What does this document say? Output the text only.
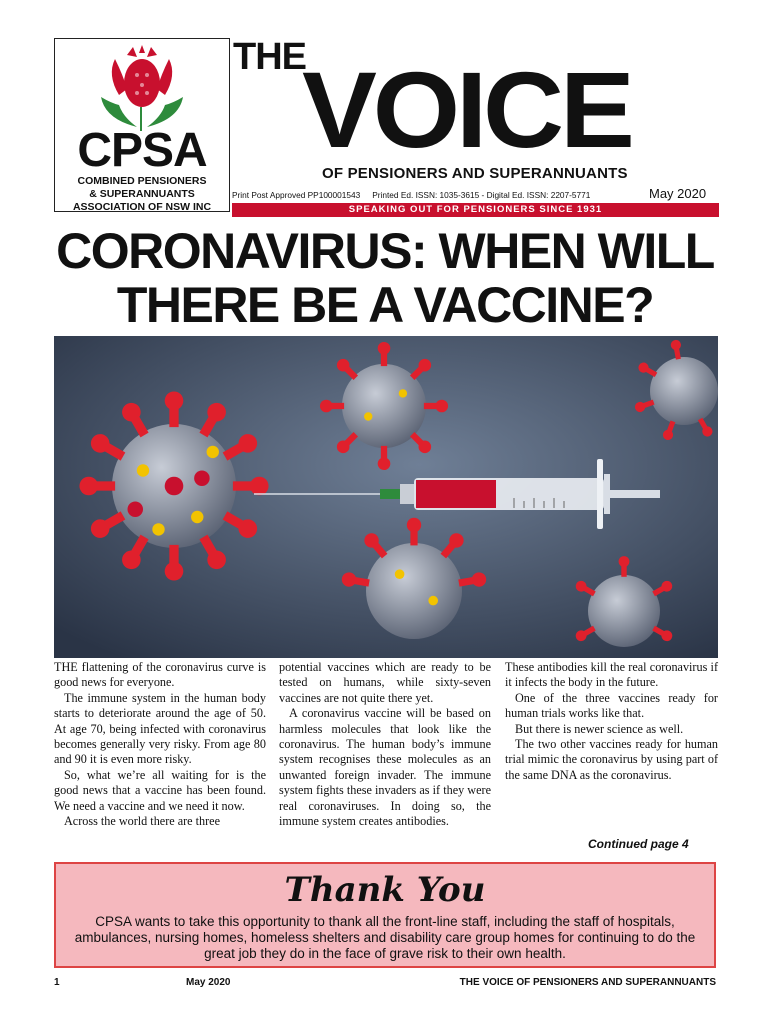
CPSA
COMBINED PENSIONERS
& SUPERANNUANTS
ASSOCIATION OF NSW INC
THE
VOICE
OF PENSIONERS AND SUPERANNUANTS
Print Post Approved PP100001543 Printed Ed. ISSN: 1035-3615 - Digital Ed. ISSN: 2207-5771	May 2020
SPEAKING OUT FOR PENSIONERS SINCE 1931
CORONAVIRUS: WHEN WILL
THERE BE A VACCINE?

THE flattening of the coronavirus curve is good news for everyone.

The immune system in the human body starts to deteriorate around the age of 50. At age 70, being infected with coronavirus becomes generally very risky. From age 80 and 90 it is even more risky.

So, what we’re all waiting for is the good news that a vaccine has been found. We need a vaccine and we need it now.

Across the world there are three

potential vaccines which are ready to be tested on humans, while sixty-seven vaccines are not quite there yet.

A coronavirus vaccine will be based on harmless molecules that look like the coronavirus. The human body’s immune system recognises these molecules as an unwanted foreign invader. The immune system fights these invaders as if they were real coronaviruses. In doing so, the immune system creates antibodies.

These antibodies kill the real coronavirus if it infects the body in the future.

One of the three vaccines ready for human trials works like that.

But there is newer science as well.

The two other vaccines ready for human trial mimic the coronavirus by using part of the same DNA as the coronavirus.

Continued page 4
Thank You
CPSA wants to take this opportunity to thank all the front-line staff, including the staff of hospitals, ambulances, nursing homes, homeless shelters and disability care group homes for continuing to do the great job they do in the face of grave risk to their own health.
1	May 2020	THE VOICE OF PENSIONERS AND SUPERANNUANTS
